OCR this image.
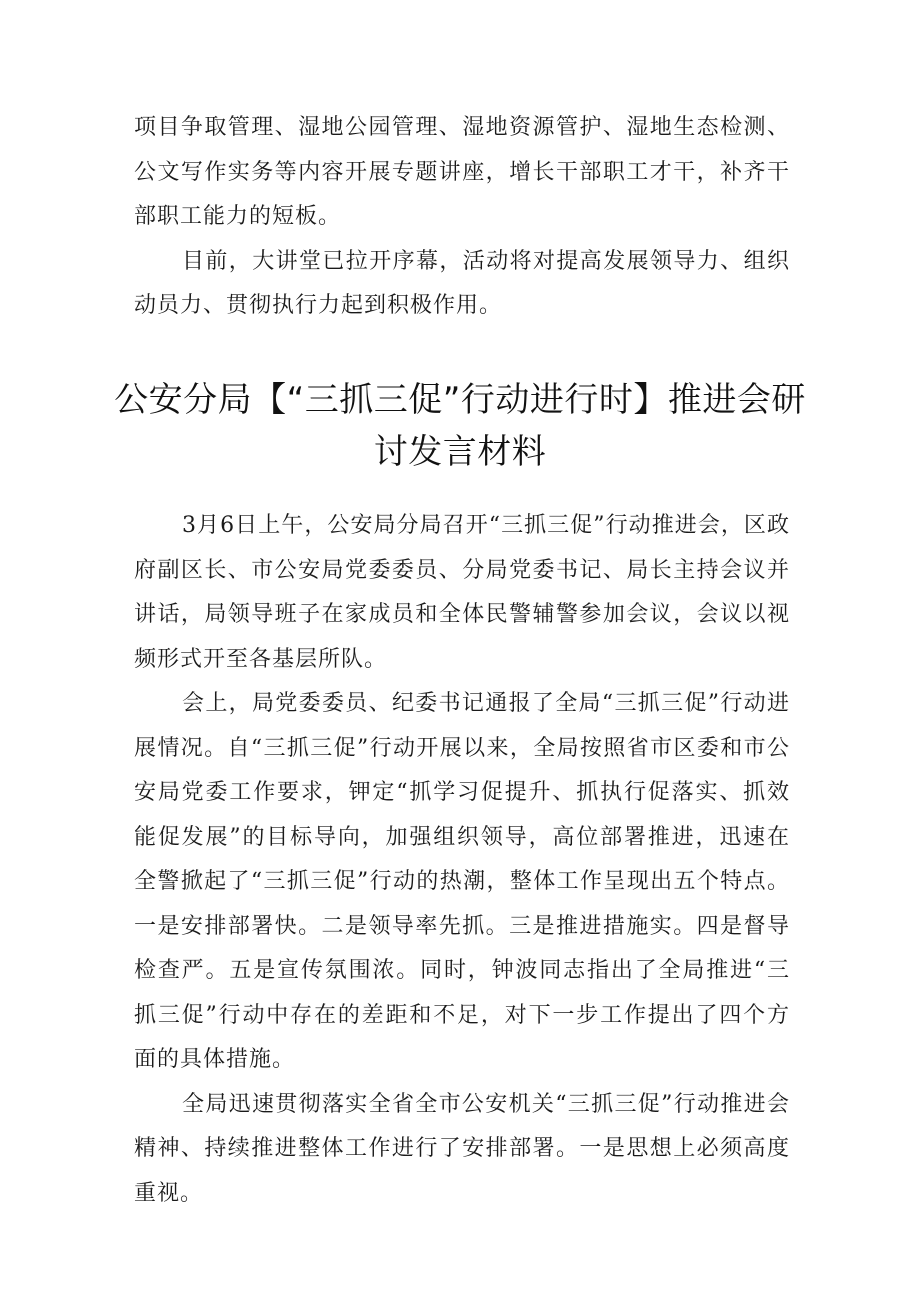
项目争取管理、湿地公园管理、湿地资源管护、湿地生态检测、公文写作实务等内容开展专题讲座，增长干部职工才干，补齐干部职工能力的短板。

目前，大讲堂已拉开序幕，活动将对提高发展领导力、组织动员力、贯彻执行力起到积极作用。

公安分局【“三抓三促”行动进行时】推进会研
讨发言材料

3月6日上午，公安局分局召开“三抓三促”行动推进会，区政府副区长、市公安局党委委员、分局党委书记、局长主持会议并讲话，局领导班子在家成员和全体民警辅警参加会议，会议以视频形式开至各基层所队。

会上，局党委委员、纪委书记通报了全局“三抓三促”行动进展情况。自“三抓三促”行动开展以来，全局按照省市区委和市公安局党委工作要求，钾定“抓学习促提升、抓执行促落实、抓效能促发展”的目标导向，加强组织领导，高位部署推进，迅速在全警掀起了“三抓三促”行动的热潮，整体工作呈现出五个特点。一是安排部署快。二是领导率先抓。三是推进措施实。四是督导检查严。五是宣传氛围浓。同时，钟波同志指出了全局推进“三抓三促”行动中存在的差距和不足，对下一步工作提出了四个方面的具体措施。

全局迅速贯彻落实全省全市公安机关“三抓三促”行动推进会精神、持续推进整体工作进行了安排部署。一是思想上必须高度重视。
